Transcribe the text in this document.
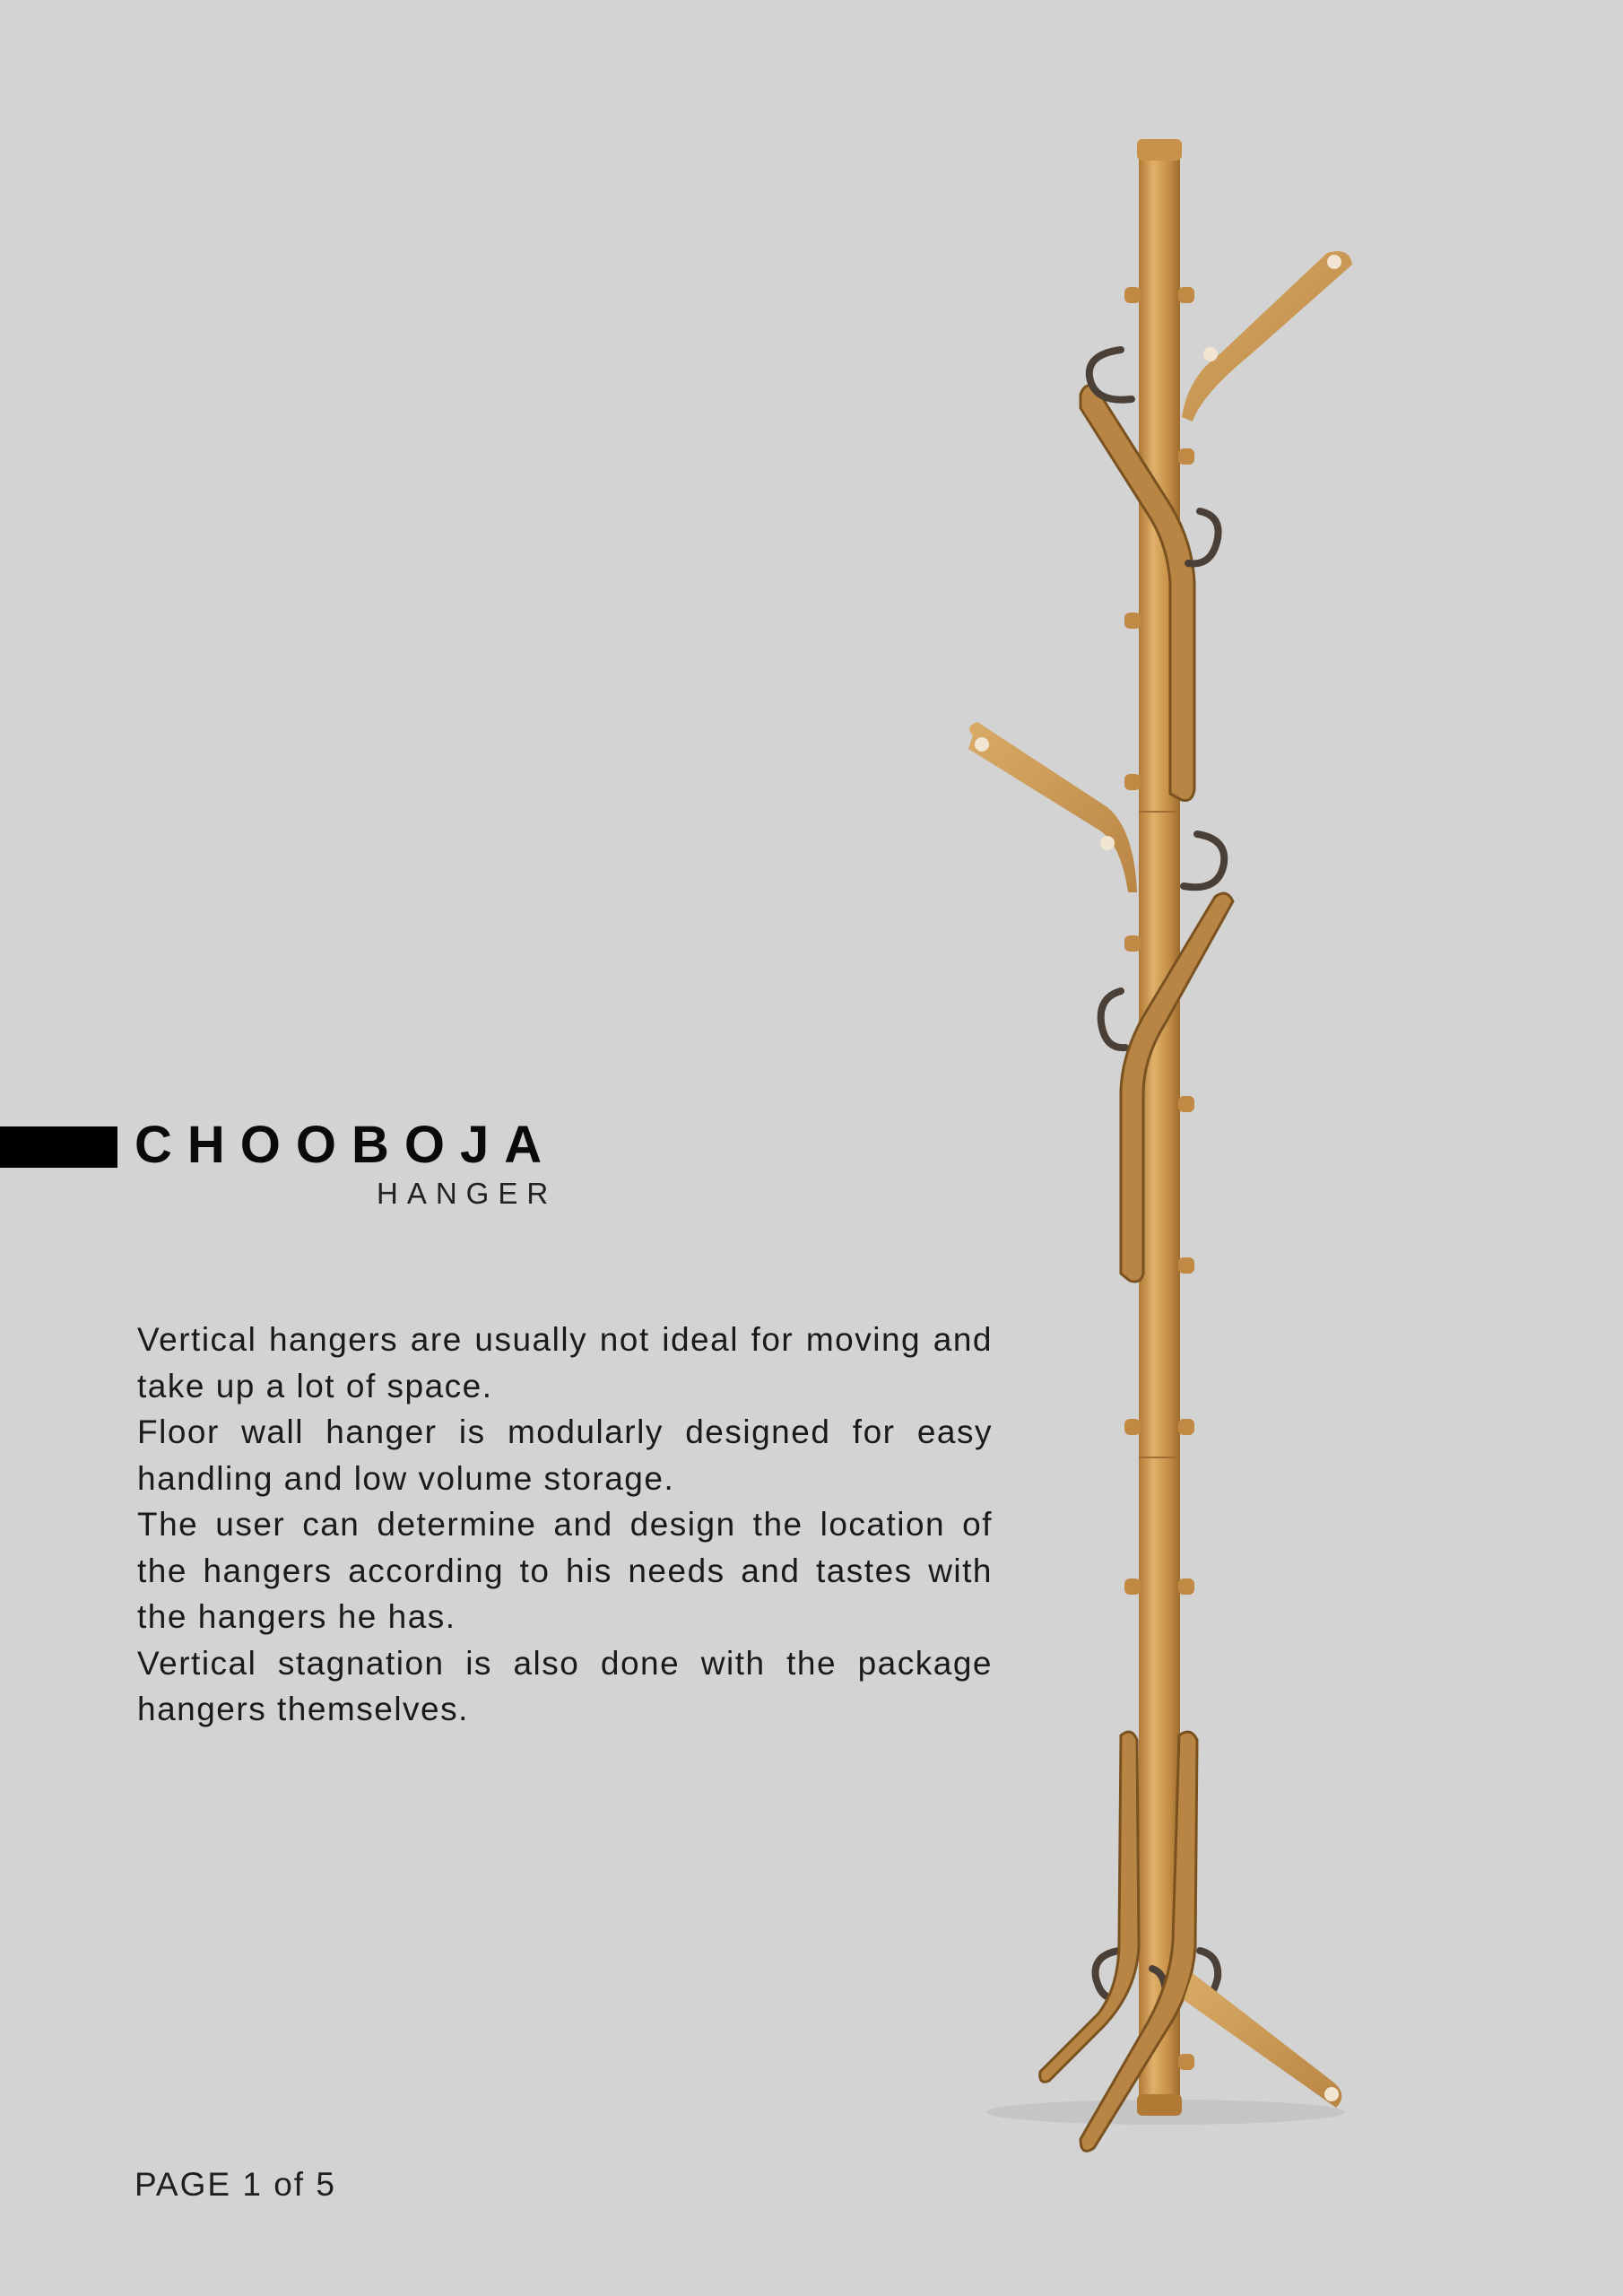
CHOOBOJA
HANGER

Vertical hangers are usually not ideal for moving and take up a lot of space.

Floor wall hanger is modularly designed for easy handling and low volume storage.

The user can determine and design the location of the hangers according to his needs and tastes with the hangers he has.

Vertical stagnation is also done with the package hangers themselves.

PAGE 1 of 5
